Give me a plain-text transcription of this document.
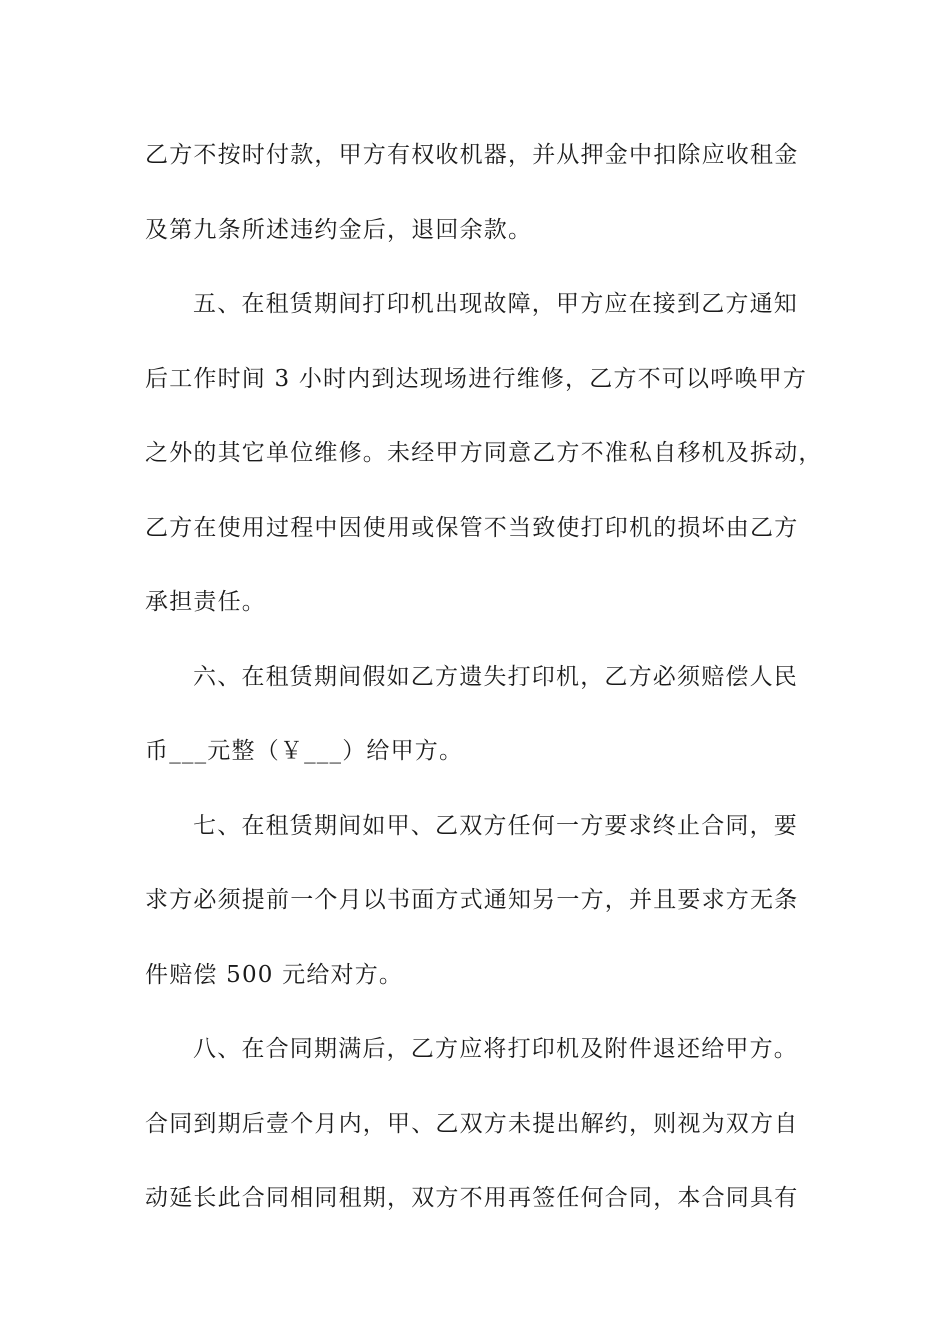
乙方不按时付款，甲方有权收机器，并从押金中扣除应收租金
及第九条所述违约金后，退回余款。
五、在租赁期间打印机出现故障，甲方应在接到乙方通知
后工作时间 3 小时内到达现场进行维修，乙方不可以呼唤甲方
之外的其它单位维修。未经甲方同意乙方不准私自移机及拆动，
乙方在使用过程中因使用或保管不当致使打印机的损坏由乙方
承担责任。
六、在租赁期间假如乙方遗失打印机，乙方必须赔偿人民
币___元整（￥___）给甲方。
七、在租赁期间如甲、乙双方任何一方要求终止合同，要
求方必须提前一个月以书面方式通知另一方，并且要求方无条
件赔偿 500 元给对方。
八、在合同期满后，乙方应将打印机及附件退还给甲方。
合同到期后壹个月内，甲、乙双方未提出解约，则视为双方自
动延长此合同相同租期，双方不用再签任何合同，本合同具有
